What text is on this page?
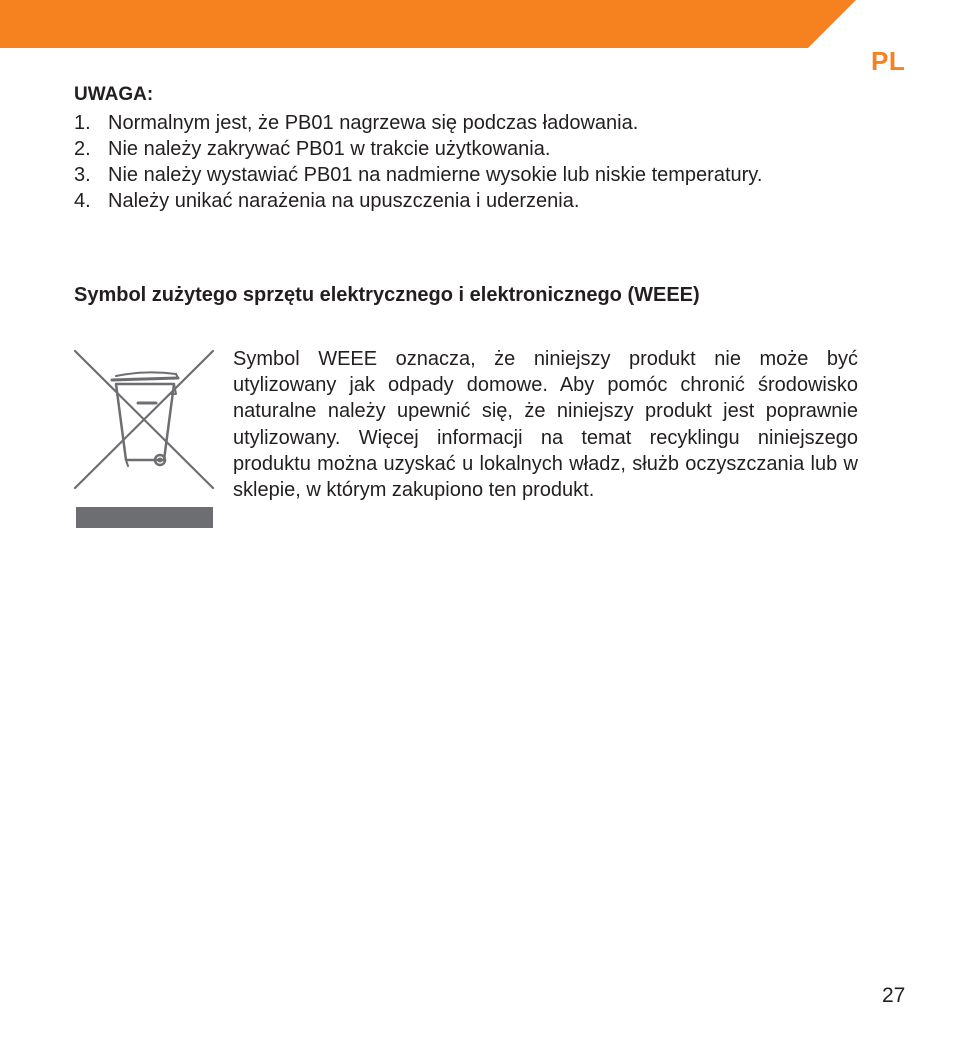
PL
UWAGA:
1. Normalnym jest, że PB01 nagrzewa się podczas ładowania.
2. Nie należy zakrywać PB01 w trakcie użytkowania.
3. Nie należy wystawiać PB01 na nadmierne wysokie lub niskie temperatury.
4. Należy unikać narażenia na upuszczenia i uderzenia.
Symbol zużytego sprzętu elektrycznego i elektronicznego (WEEE)

Symbol WEEE oznacza, że niniejszy produkt nie może być utylizowany jak odpady domowe. Aby pomóc chronić środowisko naturalne należy upewnić się, że niniejszy produkt jest poprawnie utylizowany. Więcej informacji na temat recyklingu niniejszego produktu można uzyskać u lokalnych władz, służb oczyszczania lub w sklepie, w którym zakupiono ten produkt.

27
